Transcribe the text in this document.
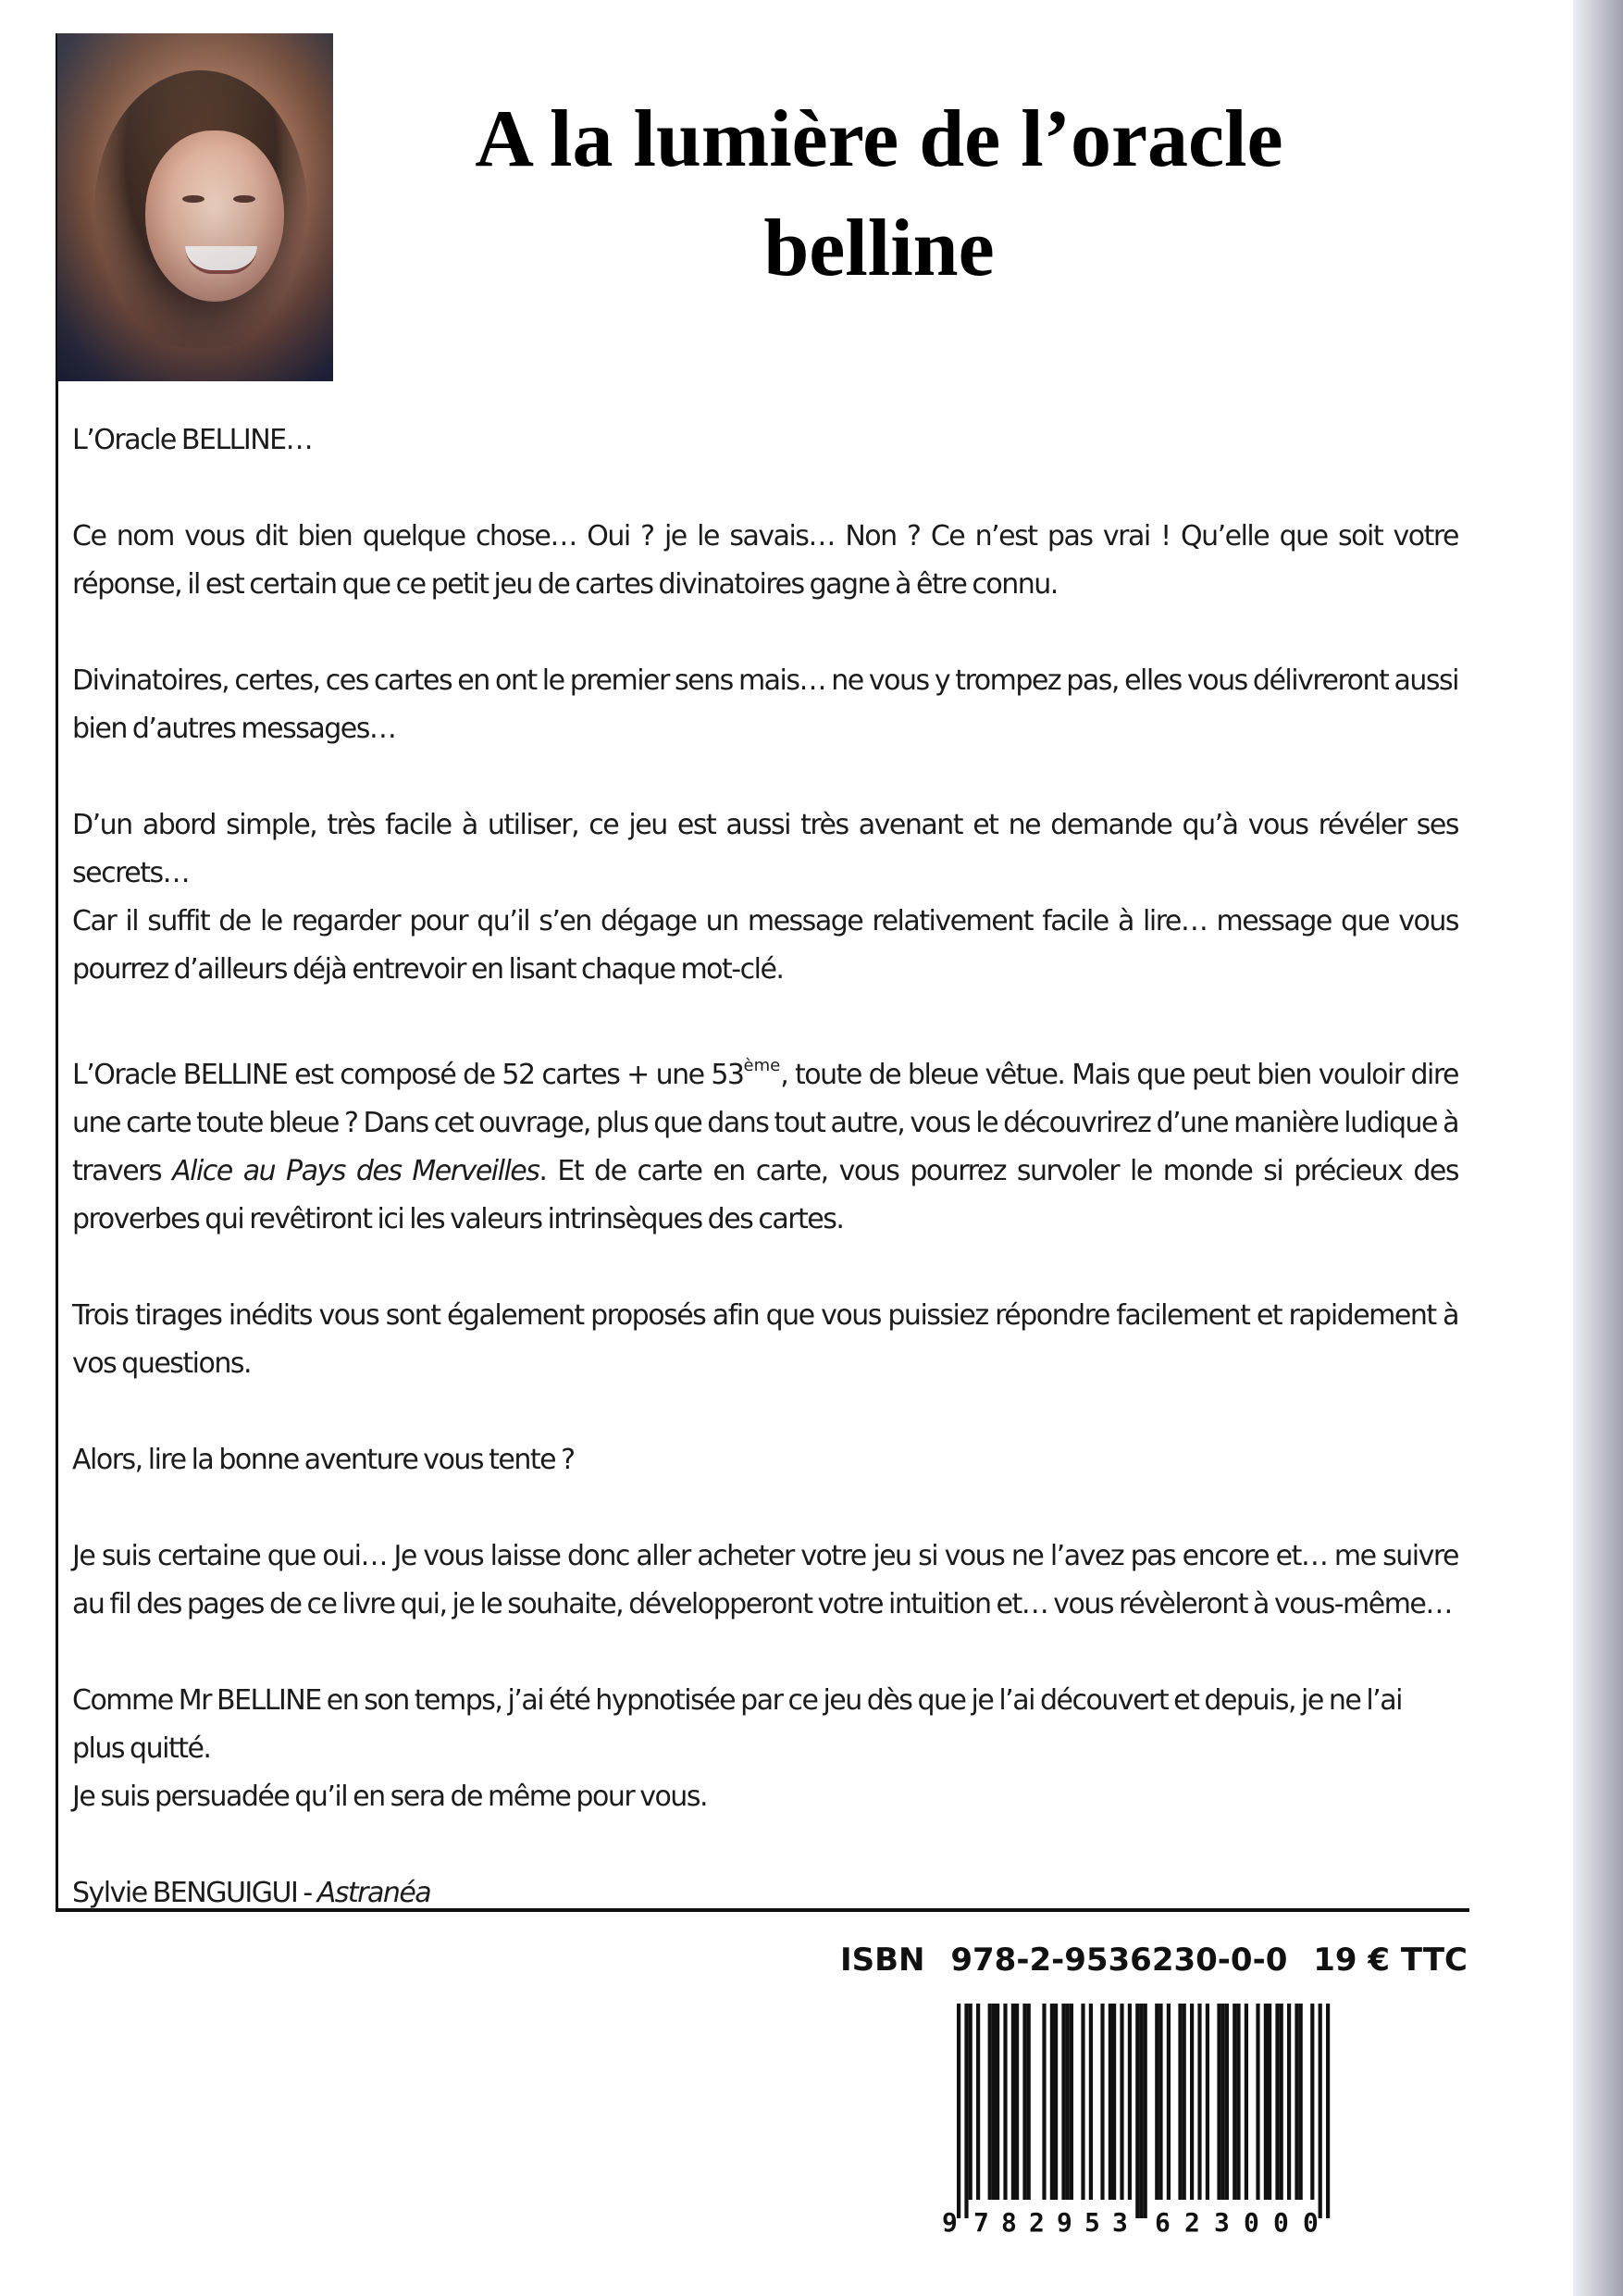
A la lumière de l’oracle
belline

L’Oracle BELLINE…

Ce nom vous dit bien quelque chose… Oui ? je le savais… Non ? Ce n’est pas vrai ! Qu’elle que soit votre réponse, il est certain que ce petit jeu de cartes divinatoires gagne à être connu.

Divinatoires, certes, ces cartes en ont le premier sens mais… ne vous y trompez pas, elles vous délivreront aussi bien d’autres messages…

D’un abord simple, très facile à utiliser, ce jeu est aussi très avenant et ne demande qu’à vous révéler ses secrets…
Car il suffit de le regarder pour qu’il s’en dégage un message relativement facile à lire… message que vous pourrez d’ailleurs déjà entrevoir en lisant chaque mot-clé.

L’Oracle BELLINE est composé de 52 cartes + une 53ème, toute de bleue vêtue. Mais que peut bien vouloir dire une carte toute bleue ? Dans cet ouvrage, plus que dans tout autre, vous le découvrirez d’une manière ludique à travers Alice au Pays des Merveilles. Et de carte en carte, vous pourrez survoler le monde si précieux des proverbes qui revêtiront ici les valeurs intrinsèques des cartes.

Trois tirages inédits vous sont également proposés afin que vous puissiez répondre facilement et rapidement à vos questions.

Alors, lire la bonne aventure vous tente ?

Je suis certaine que oui… Je vous laisse donc aller acheter votre jeu si vous ne l’avez pas encore et… me suivre au fil des pages de ce livre qui, je le souhaite, développeront votre intuition et… vous révèleront à vous-même…

Comme Mr BELLINE en son temps, j’ai été hypnotisée par ce jeu dès que je l’ai découvert et depuis, je ne l’ai plus quitté.
Je suis persuadée qu’il en sera de même pour vous.

Sylvie BENGUIGUI - Astranéa

ISBN 978-2-9536230-0-0 19 € TTC
9 7 8 2 9 5 3 6 2 3 0 0 0
